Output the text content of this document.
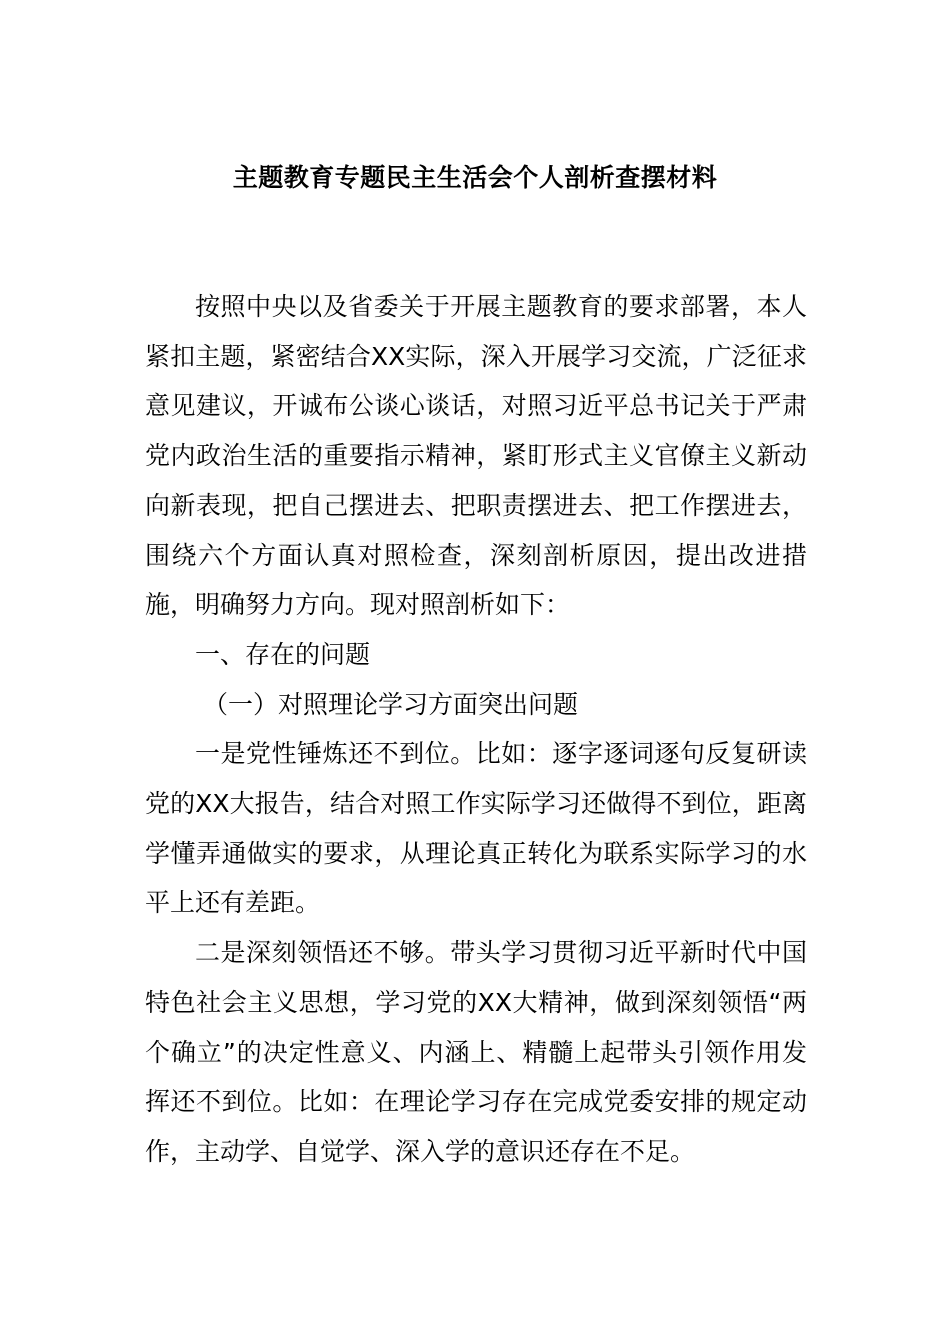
主题教育专题民主生活会个人剖析查摆材料

按照中央以及省委关于开展主题教育的要求部署，本人紧扣主题，紧密结合XX实际，深入开展学习交流，广泛征求意见建议，开诚布公谈心谈话，对照习近平总书记关于严肃党内政治生活的重要指示精神，紧盯形式主义官僚主义新动向新表现，把自己摆进去、把职责摆进去、把工作摆进去，围绕六个方面认真对照检查，深刻剖析原因，提出改进措施，明确努力方向。现对照剖析如下：

一、存在的问题

（一）对照理论学习方面突出问题

一是党性锤炼还不到位。比如：逐字逐词逐句反复研读党的XX大报告，结合对照工作实际学习还做得不到位，距离学懂弄通做实的要求，从理论真正转化为联系实际学习的水平上还有差距。

二是深刻领悟还不够。带头学习贯彻习近平新时代中国特色社会主义思想，学习党的XX大精神，做到深刻领悟“两个确立”的决定性意义、内涵上、精髓上起带头引领作用发挥还不到位。比如：在理论学习存在完成党委安排的规定动作，主动学、自觉学、深入学的意识还存在不足。
